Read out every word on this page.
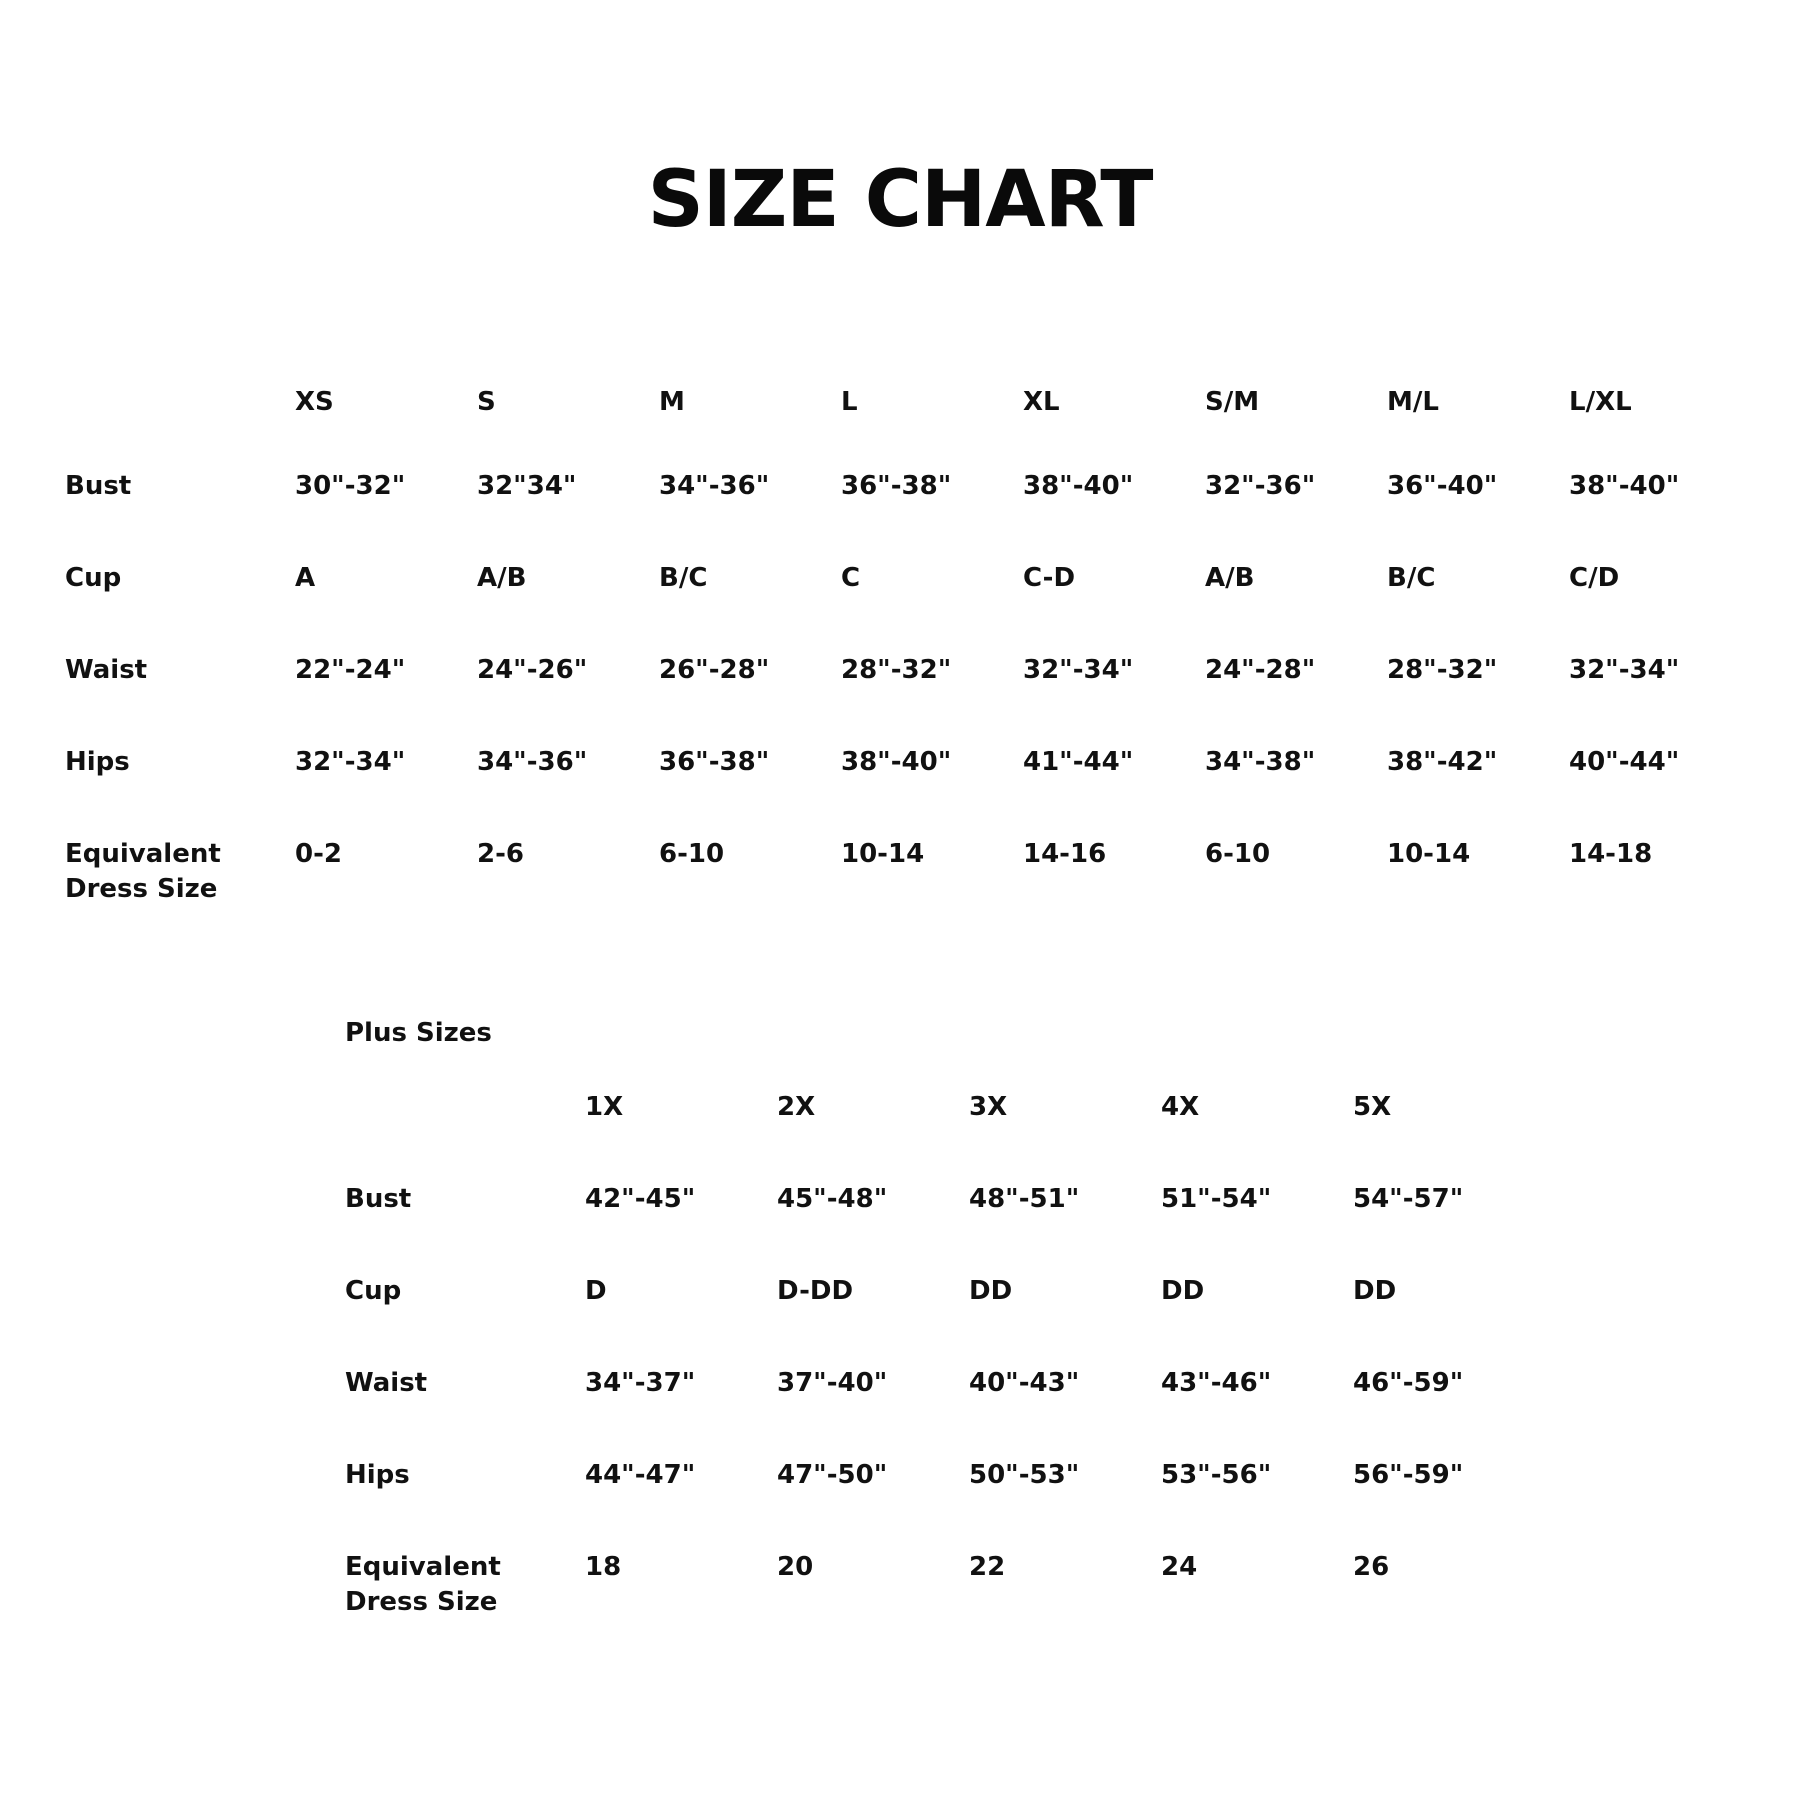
SIZE CHART
	XS	S	M	L	XL	S/M	M/L	L/XL
Bust	30"-32"	32"34"	34"-36"	36"-38"	38"-40"	32"-36"	36"-40"	38"-40"
Cup	A	A/B	B/C	C	C-D	A/B	B/C	C/D
Waist	22"-24"	24"-26"	26"-28"	28"-32"	32"-34"	24"-28"	28"-32"	32"-34"
Hips	32"-34"	34"-36"	36"-38"	38"-40"	41"-44"	34"-38"	38"-42"	40"-44"
Equivalent
Dress Size	0-2	2-6	6-10	10-14	14-16	6-10	10-14	14-18
Plus Sizes
	1X	2X	3X	4X	5X
Bust	42"-45"	45"-48"	48"-51"	51"-54"	54"-57"
Cup	D	D-DD	DD	DD	DD
Waist	34"-37"	37"-40"	40"-43"	43"-46"	46"-59"
Hips	44"-47"	47"-50"	50"-53"	53"-56"	56"-59"
Equivalent
Dress Size	18	20	22	24	26
